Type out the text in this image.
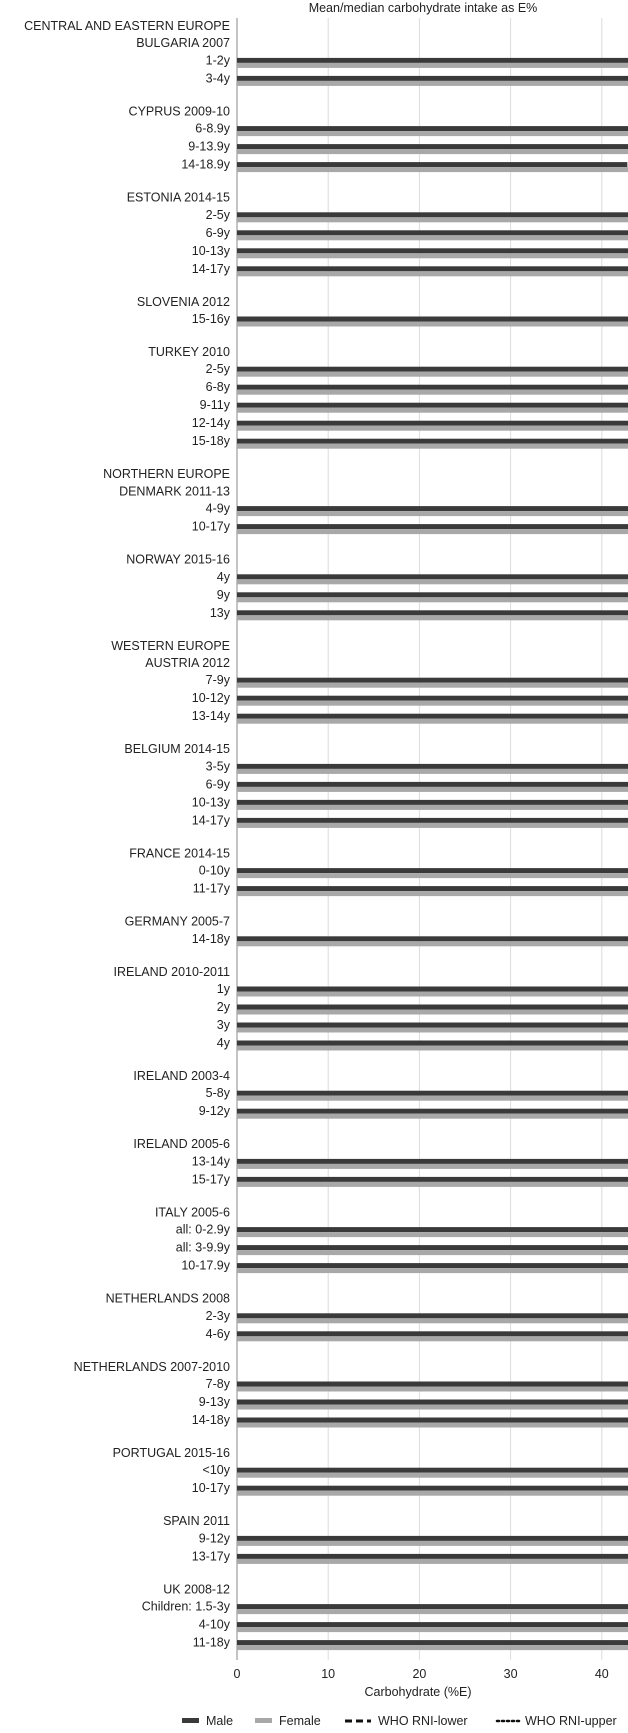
Mean/median carbohydrate intake as E%
CENTRAL AND EASTERN EUROPE
BULGARIA 2007
1-2y
3-4y
CYPRUS 2009-10
6-8.9y
9-13.9y
14-18.9y
ESTONIA 2014-15
2-5y
6-9y
10-13y
14-17y
SLOVENIA 2012
15-16y
TURKEY 2010
2-5y
6-8y
9-11y
12-14y
15-18y
NORTHERN EUROPE
DENMARK 2011-13
4-9y
10-17y
NORWAY 2015-16
4y
9y
13y
WESTERN EUROPE
AUSTRIA 2012
7-9y
10-12y
13-14y
BELGIUM 2014-15
3-5y
6-9y
10-13y
14-17y
FRANCE 2014-15
0-10y
11-17y
GERMANY 2005-7
14-18y
IRELAND 2010-2011
1y
2y
3y
4y
IRELAND 2003-4
5-8y
9-12y
IRELAND 2005-6
13-14y
15-17y
ITALY 2005-6
all: 0-2.9y
all: 3-9.9y
10-17.9y
NETHERLANDS 2008
2-3y
4-6y
NETHERLANDS 2007-2010
7-8y
9-13y
14-18y
PORTUGAL 2015-16
<10y
10-17y
SPAIN 2011
9-12y
13-17y
UK 2008-12
Children: 1.5-3y
4-10y
11-18y
0	10	20	30	40
Carbohydrate (%E)
Male	Female	WHO RNI-lower	WHO RNI-upper
